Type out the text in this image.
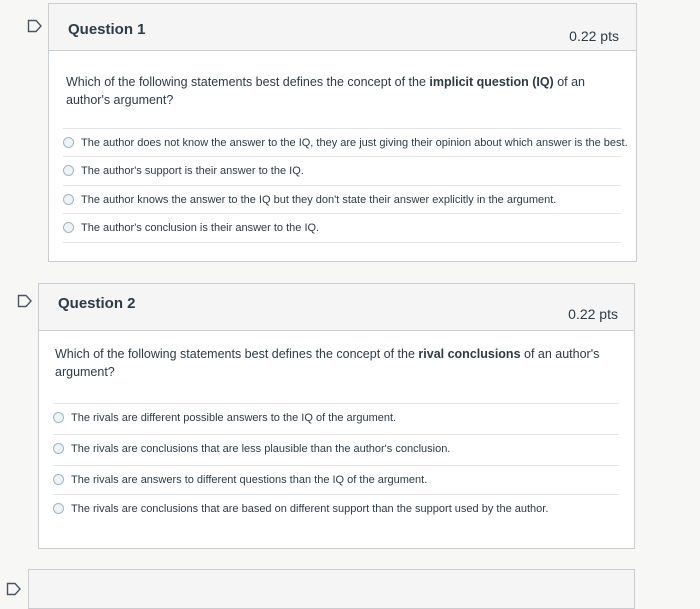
Question 1	0.22 pts
Which of the following statements best defines the concept of the implicit question (IQ) of an author's argument?
The author does not know the answer to the IQ, they are just giving their opinion about which answer is the best.
The author's support is their answer to the IQ.
The author knows the answer to the IQ but they don't state their answer explicitly in the argument.
The author's conclusion is their answer to the IQ.
Question 2
0.22 pts
Which of the following statements best defines the concept of the rival conclusions of an author's argument?
The rivals are different possible answers to the IQ of the argument.
The rivals are conclusions that are less plausible than the author's conclusion.
The rivals are answers to different questions than the IQ of the argument.
The rivals are conclusions that are based on different support than the support used by the author.
